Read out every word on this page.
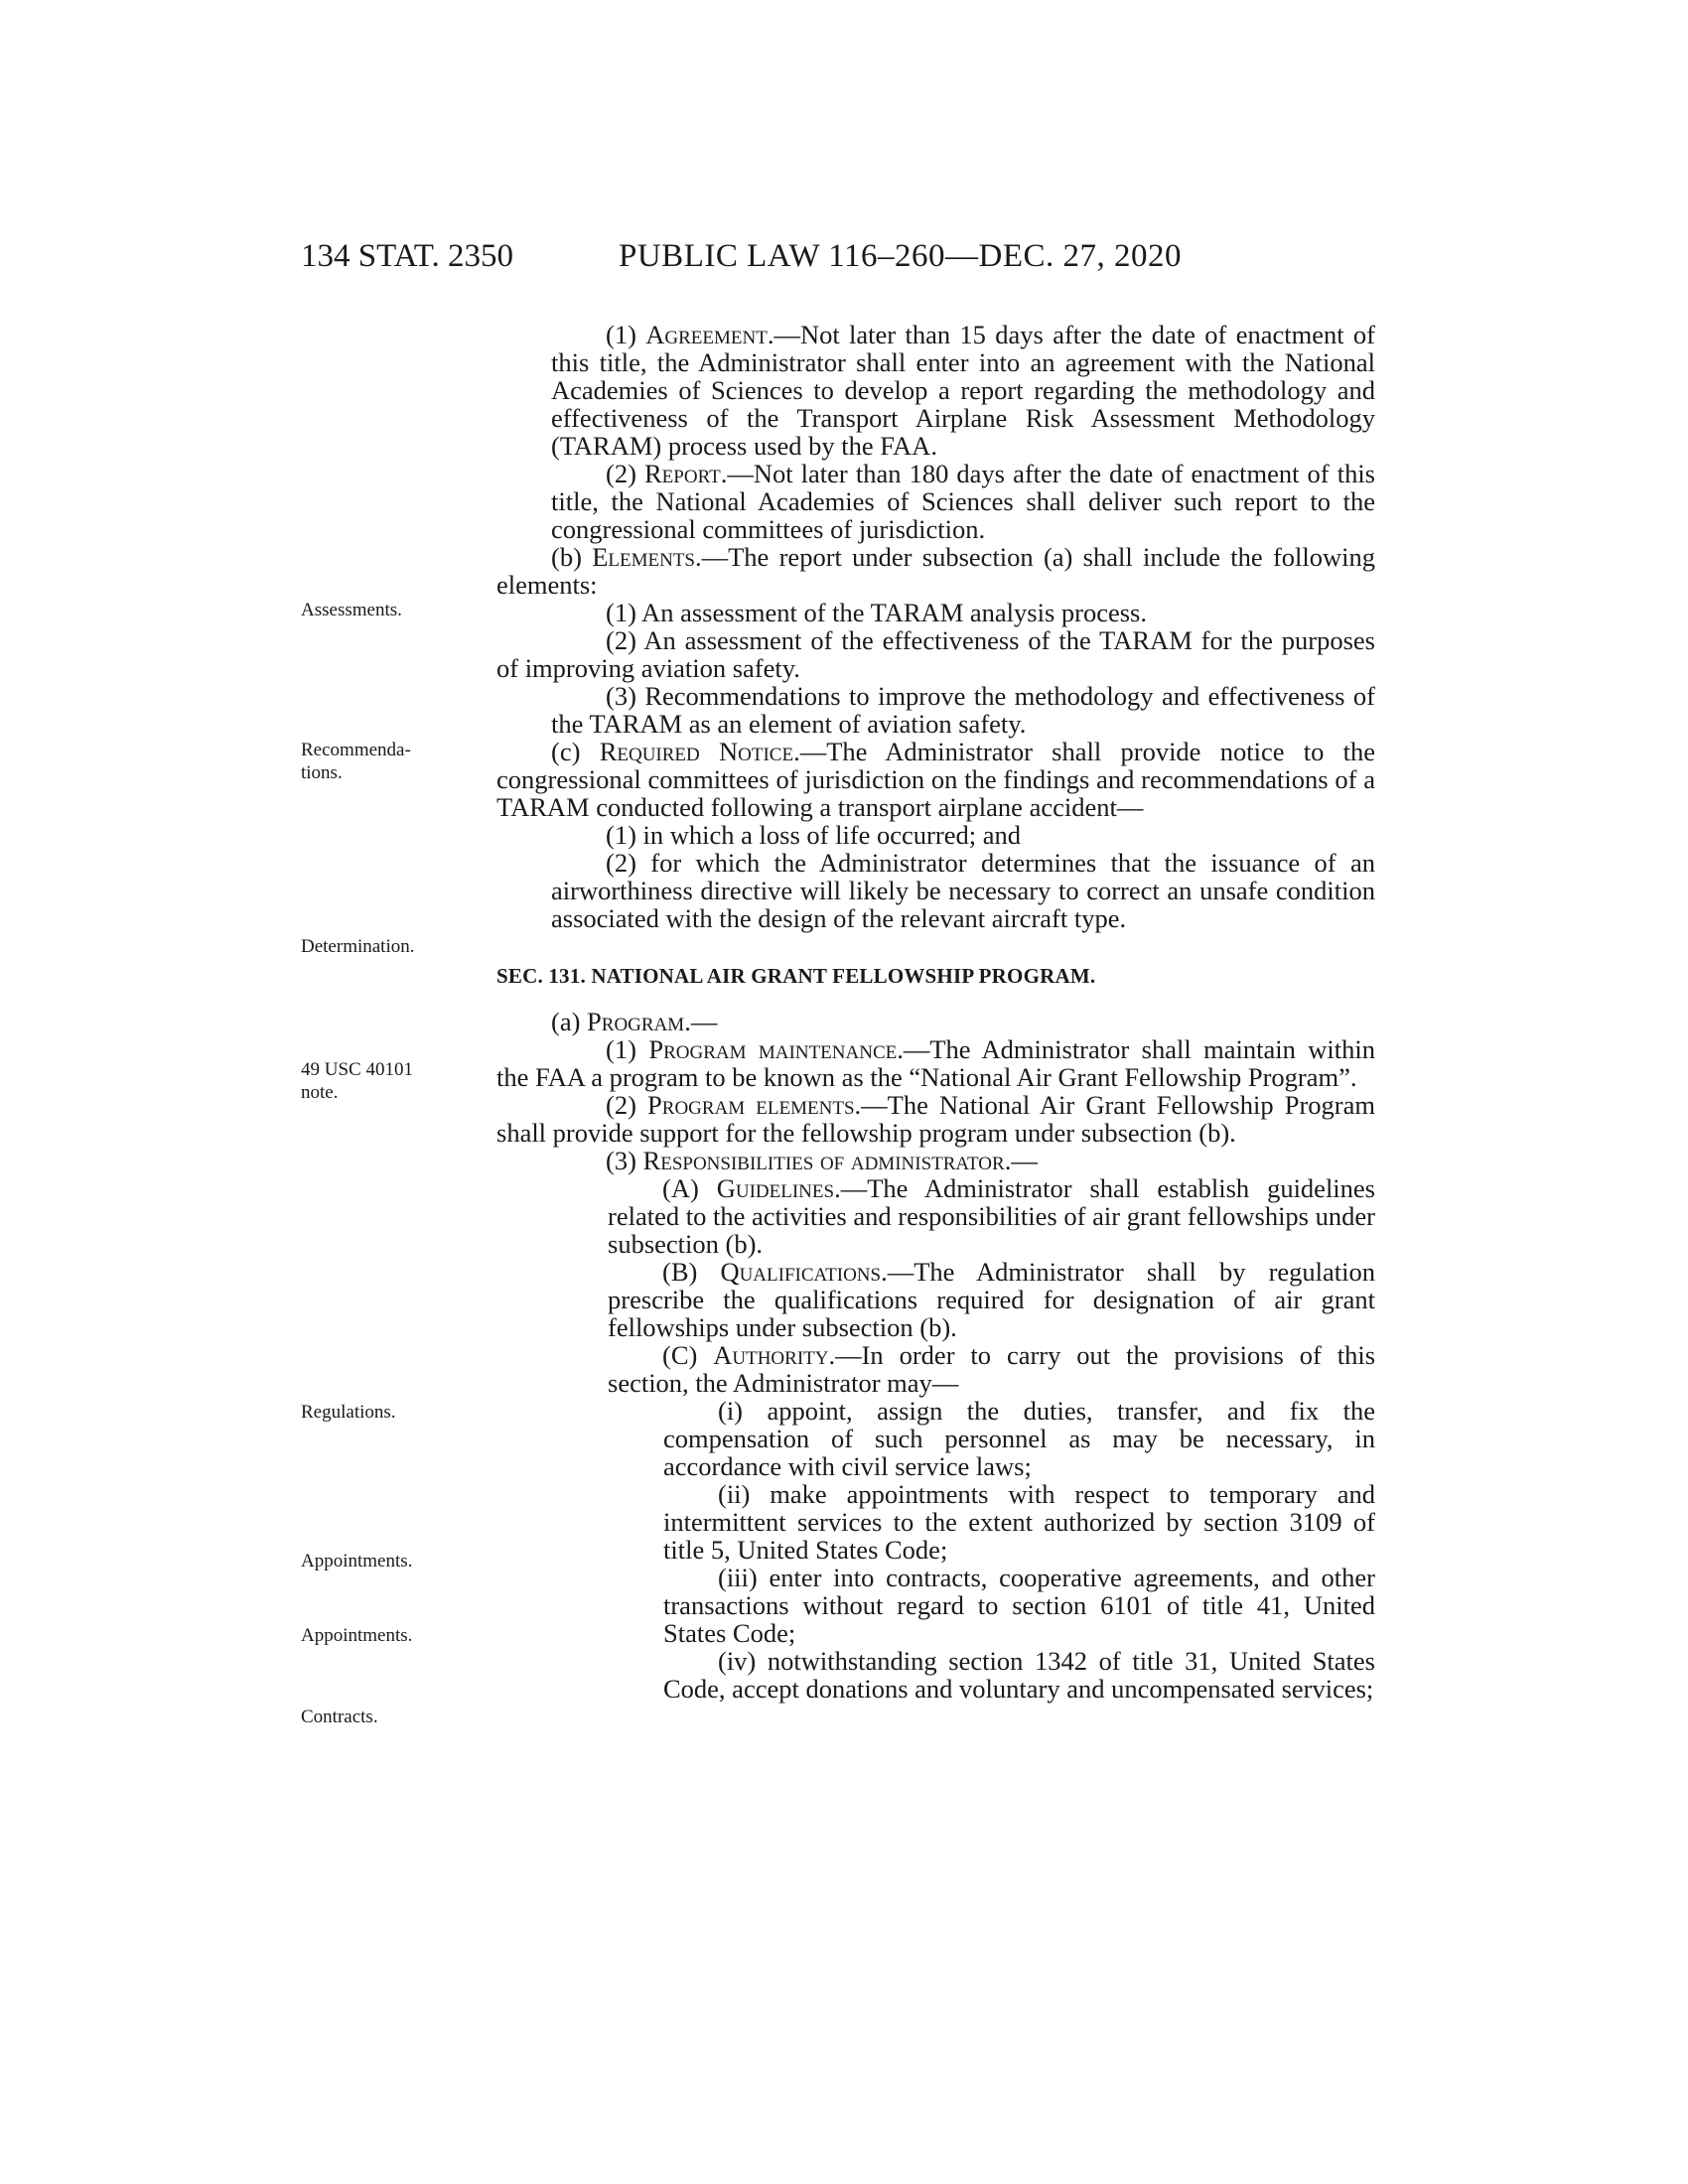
134 STAT. 2350	PUBLIC LAW 116–260—DEC. 27, 2020
Assessments.
Recommenda-
tions.
Determination.
49 USC 40101
note.
Regulations.
Appointments.
Appointments.
Contracts.

(1) Agreement.—Not later than 15 days after the date of enactment of this title, the Administrator shall enter into an agreement with the National Academies of Sciences to develop a report regarding the methodology and effectiveness of the Transport Airplane Risk Assessment Methodology (TARAM) process used by the FAA.

(2) Report.—Not later than 180 days after the date of enactment of this title, the National Academies of Sciences shall deliver such report to the congressional committees of jurisdiction.

(b) Elements.—The report under subsection (a) shall include the following elements:

(1) An assessment of the TARAM analysis process.

(2) An assessment of the effectiveness of the TARAM for the purposes of improving aviation safety.

(3) Recommendations to improve the methodology and effectiveness of the TARAM as an element of aviation safety.

(c) Required Notice.—The Administrator shall provide notice to the congressional committees of jurisdiction on the findings and recommendations of a TARAM conducted following a transport airplane accident—

(1) in which a loss of life occurred; and

(2) for which the Administrator determines that the issuance of an airworthiness directive will likely be necessary to correct an unsafe condition associated with the design of the relevant aircraft type.

SEC. 131. NATIONAL AIR GRANT FELLOWSHIP PROGRAM.

(a) Program.—

(1) Program maintenance.—The Administrator shall maintain within the FAA a program to be known as the “National Air Grant Fellowship Program”.

(2) Program elements.—The National Air Grant Fellowship Program shall provide support for the fellowship program under subsection (b).

(3) Responsibilities of administrator.—

(A) Guidelines.—The Administrator shall establish guidelines related to the activities and responsibilities of air grant fellowships under subsection (b).

(B) Qualifications.—The Administrator shall by regulation prescribe the qualifications required for designation of air grant fellowships under subsection (b).

(C) Authority.—In order to carry out the provisions of this section, the Administrator may—

(i) appoint, assign the duties, transfer, and fix the compensation of such personnel as may be necessary, in accordance with civil service laws;

(ii) make appointments with respect to temporary and intermittent services to the extent authorized by section 3109 of title 5, United States Code;

(iii) enter into contracts, cooperative agreements, and other transactions without regard to section 6101 of title 41, United States Code;

(iv) notwithstanding section 1342 of title 31, United States Code, accept donations and voluntary and uncompensated services;
